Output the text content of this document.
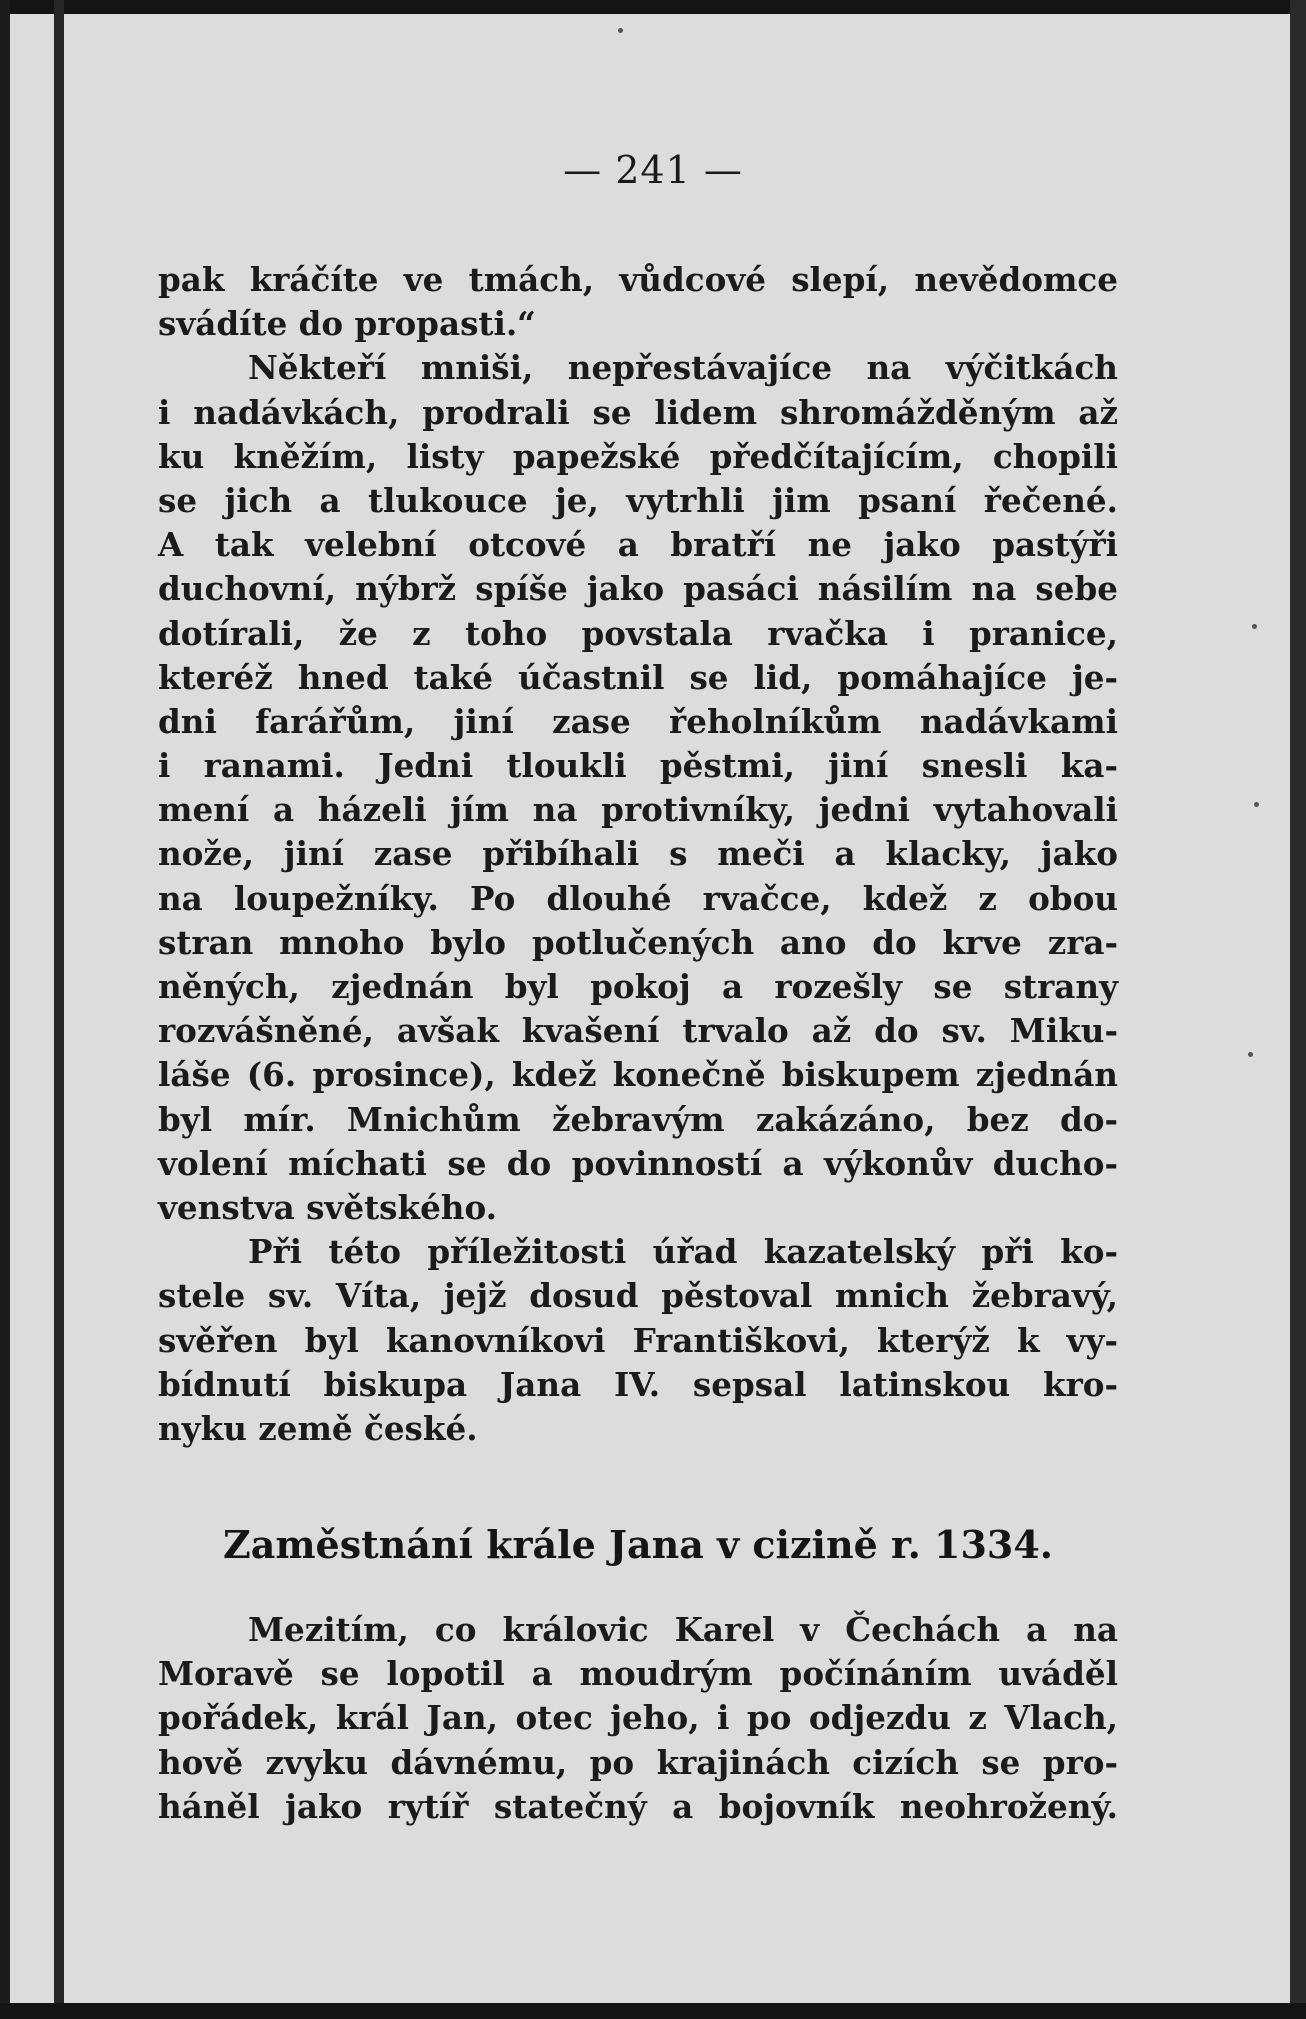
— 241 —
pak kráčíte ve tmách, vůdcové slepí, nevědomce
svádíte do propasti.“
Někteří mniši, nepřestávajíce na výčitkách
i nadávkách, prodrali se lidem shromážděným až
ku kněžím, listy papežské předčítajícím, chopili
se jich a tlukouce je, vytrhli jim psaní řečené.
A tak velební otcové a bratří ne jako pastýři
duchovní, nýbrž spíše jako pasáci násilím na sebe
dotírali, že z toho povstala rvačka i pranice,
kteréž hned také účastnil se lid, pomáhajíce je-
dni farářům, jiní zase řeholníkům nadávkami
i ranami. Jedni tloukli pěstmi, jiní snesli ka-
mení a házeli jím na protivníky, jedni vytahovali
nože, jiní zase přibíhali s meči a klacky, jako
na loupežníky. Po dlouhé rvačce, kdež z obou
stran mnoho bylo potlučených ano do krve zra-
něných, zjednán byl pokoj a rozešly se strany
rozvášněné, avšak kvašení trvalo až do sv. Miku-
láše (6. prosince), kdež konečně biskupem zjednán
byl mír. Mnichům žebravým zakázáno, bez do-
volení míchati se do povinností a výkonův ducho-
venstva světského.
Při této příležitosti úřad kazatelský při ko-
stele sv. Víta, jejž dosud pěstoval mnich žebravý,
svěřen byl kanovníkovi Františkovi, kterýž k vy-
bídnutí biskupa Jana IV. sepsal latinskou kro-
nyku země české.
Zaměstnání krále Jana v cizině r. 1334.
Mezitím, co královic Karel v Čechách a na
Moravě se lopotil a moudrým počínáním uváděl
pořádek, král Jan, otec jeho, i po odjezdu z Vlach,
hově zvyku dávnému, po krajinách cizích se pro-
háněl jako rytíř statečný a bojovník neohrožený.
